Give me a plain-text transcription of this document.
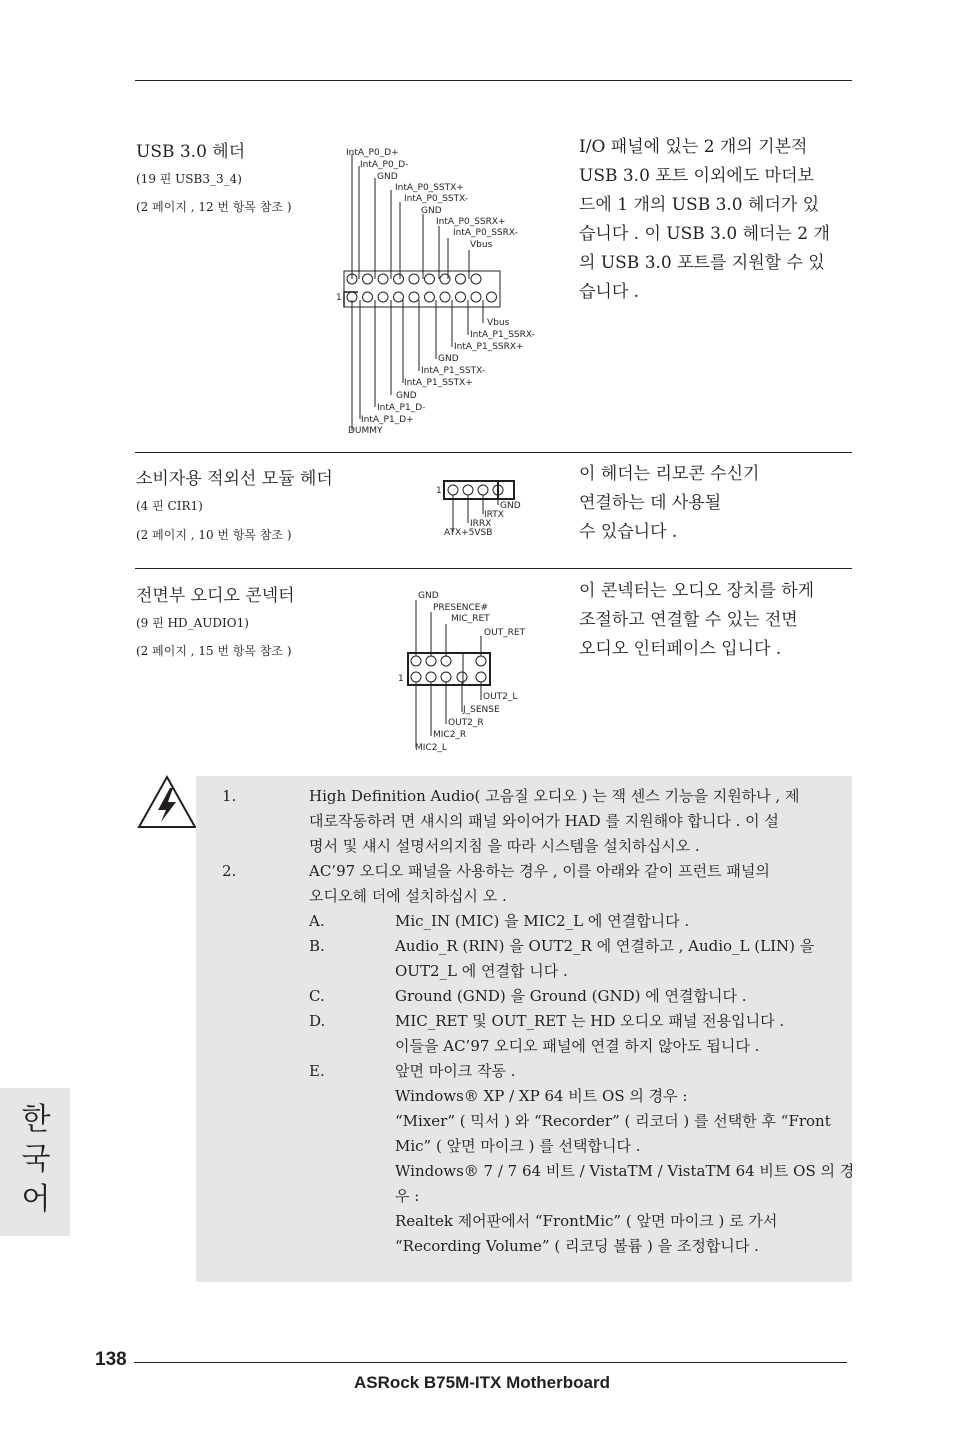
USB 3.0 헤더
(19 핀 USB3_3_4)
(2 페이지 , 12 번 항목 참조 )
I/O 패널에 있는 2 개의 기본적
USB 3.0 포트 이외에도 마더보
드에 1 개의 USB 3.0 헤더가 있
습니다 . 이 USB 3.0 헤더는 2 개
의 USB 3.0 포트를 지원할 수 있
습니다 .
1
IntA_P0_D+
IntA_P0_D-
GND
IntA_P0_SSTX+
IntA_P0_SSTX-
GND
IntA_P0_SSRX+
IntA_P0_SSRX-
Vbus
Vbus
IntA_P1_SSRX-
IntA_P1_SSRX+
GND
IntA_P1_SSTX-
IntA_P1_SSTX+
GND
IntA_P1_D-
IntA_P1_D+
DUMMY
소비자용 적외선 모듈 헤더
(4 핀 CIR1)
(2 페이지 , 10 번 항목 참조 )
이 헤더는 리모콘 수신기
연결하는 데 사용될
수 있습니다 .
1
GND
IRTX
IRRX
ATX+5VSB
전면부 오디오 콘넥터
(9 핀 HD_AUDIO1)
(2 페이지 , 15 번 항목 참조 )
이 콘넥터는 오디오 장치를 하게
조절하고 연결할 수 있는 전면
오디오 인터페이스 입니다 .
1
GND
PRESENCE#
MIC_RET
OUT_RET
OUT2_L
J_SENSE
OUT2_R
MIC2_R
MIC2_L
1.	High Definition Audio( 고음질 오디오 ) 는 잭 센스 기능을 지원하나 , 제
대로작동하려 면 섀시의 패널 와이어가 HAD 를 지원해야 합니다 . 이 설
명서 및 섀시 설명서의지침 을 따라 시스템을 설치하십시오 .
2.	AC’97 오디오 패널을 사용하는 경우 , 이를 아래와 같이 프런트 패널의
오디오헤 더에 설치하십시 오 .
A.	Mic_IN (MIC) 을 MIC2_L 에 연결합니다 .
B.	Audio_R (RIN) 을 OUT2_R 에 연결하고 , Audio_L (LIN) 을
OUT2_L 에 연결합 니다 .
C.	Ground (GND) 을 Ground (GND) 에 연결합니다 .
D.	MIC_RET 및 OUT_RET 는 HD 오디오 패널 전용입니다 .
이들을 AC’97 오디오 패널에 연결 하지 않아도 됩니다 .
E.	앞면 마이크 작동 .
Windows® XP / XP 64 비트 OS 의 경우 :
“Mixer” ( 믹서 ) 와 “Recorder” ( 리코더 ) 를 선택한 후 “Front
Mic” ( 앞면 마이크 ) 를 선택합니다 .
Windows® 7 / 7 64 비트 / VistaTM / VistaTM 64 비트 OS 의 경
우 :
Realtek 제어판에서 “FrontMic” ( 앞면 마이크 ) 로 가서
“Recording Volume” ( 리코딩 볼륨 ) 을 조정합니다 .
한국어
138
ASRock B75M-ITX Motherboard
